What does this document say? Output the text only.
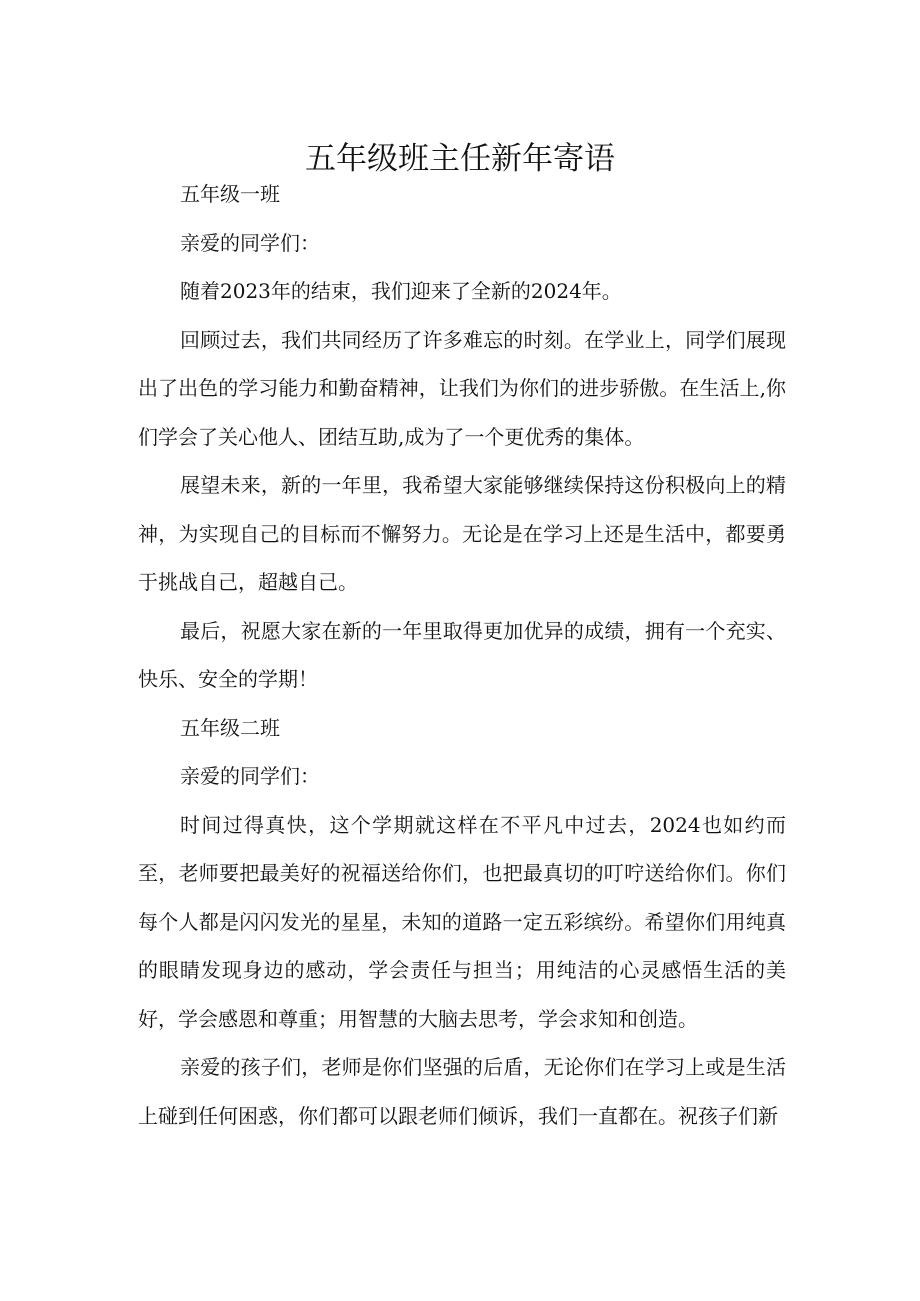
五年级班主任新年寄语

五年级一班

亲爱的同学们：

随着2023年的结束，我们迎来了全新的2024年。

回顾过去，我们共同经历了许多难忘的时刻。在学业上，同学们展现出了出色的学习能力和勤奋精神，让我们为你们的进步骄傲。在生活上,你们学会了关心他人、团结互助,成为了一个更优秀的集体。

展望未来，新的一年里，我希望大家能够继续保持这份积极向上的精神，为实现自己的目标而不懈努力。无论是在学习上还是生活中，都要勇于挑战自己，超越自己。

最后，祝愿大家在新的一年里取得更加优异的成绩，拥有一个充实、快乐、安全的学期！

五年级二班

亲爱的同学们：

时间过得真快，这个学期就这样在不平凡中过去，2024也如约而至，老师要把最美好的祝福送给你们，也把最真切的叮咛送给你们。你们每个人都是闪闪发光的星星，未知的道路一定五彩缤纷。希望你们用纯真的眼睛发现身边的感动，学会责任与担当；用纯洁的心灵感悟生活的美好，学会感恩和尊重；用智慧的大脑去思考，学会求知和创造。

亲爱的孩子们，老师是你们坚强的后盾，无论你们在学习上或是生活上碰到任何困惑，你们都可以跟老师们倾诉，我们一直都在。祝孩子们新
